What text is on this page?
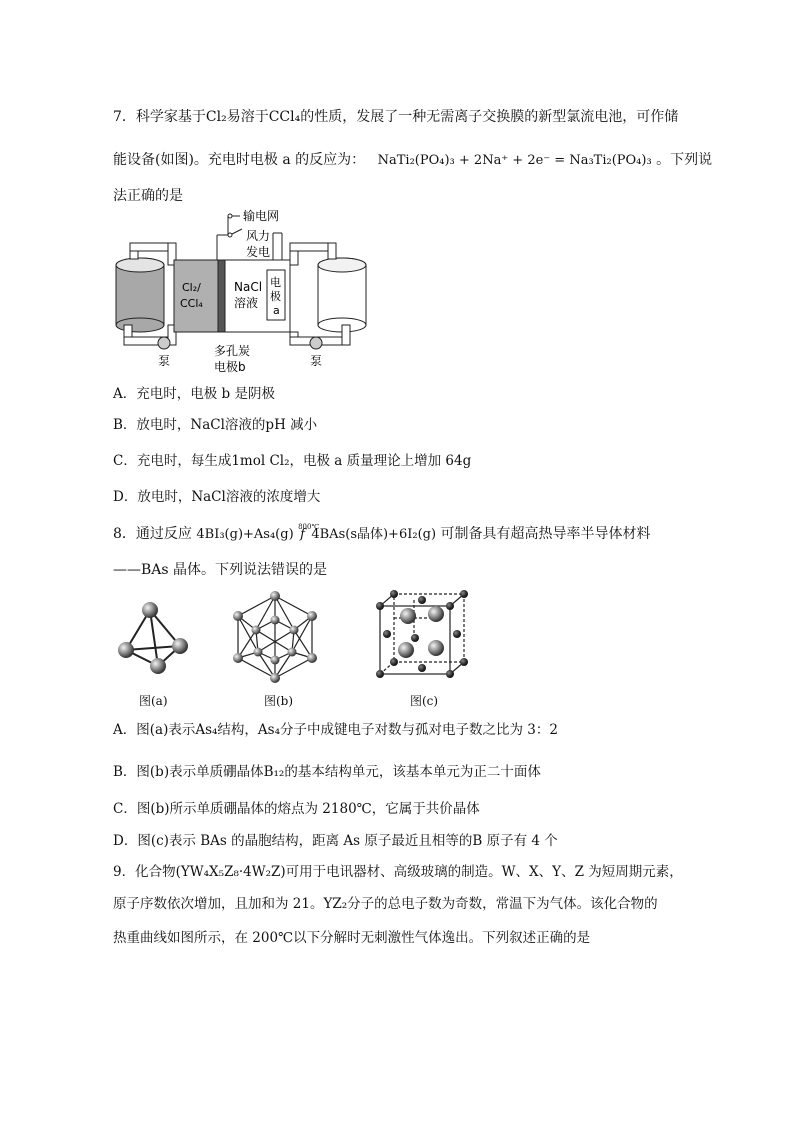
7．科学家基于Cl₂易溶于CCl₄的性质，发展了一种无需离子交换膜的新型氯流电池，可作储
能设备(如图)。充电时电极 a 的反应为： NaTi₂(PO₄)₃ + 2Na⁺ + 2e⁻ = Na₃Ti₂(PO₄)₃ 。下列说
法正确的是
输电网
风力
发电
泵
Cl₂/
CCl₄
NaCl
溶液
电
极
a
泵
多孔炭
电极b
A．充电时，电极 b 是阴极
B．放电时，NaCl溶液的pH 减小
C．充电时，每生成1mol Cl₂，电极 a 质量理论上增加 64g
D．放电时，NaCl溶液的浓度增大
8．通过反应 4BI₃(g)+As₄(g) 800℃
f 4BAs(s晶体)+6I₂(g) 可制备具有超高热导率半导体材料
——BAs 晶体。下列说法错误的是
图(a)	图(b)	图(c)
A．图(a)表示As₄结构，As₄分子中成键电子对数与孤对电子数之比为 3：2
B．图(b)表示单质硼晶体B₁₂的基本结构单元，该基本单元为正二十面体
C．图(b)所示单质硼晶体的熔点为 2180℃，它属于共价晶体
D．图(c)表示 BAs 的晶胞结构，距离 As 原子最近且相等的B 原子有 4 个
9．化合物(YW₄X₅Z₈·4W₂Z)可用于电讯器材、高级玻璃的制造。W、X、Y、Z 为短周期元素，
原子序数依次增加，且加和为 21。YZ₂分子的总电子数为奇数，常温下为气体。该化合物的
热重曲线如图所示，在 200℃以下分解时无刺激性气体逸出。下列叙述正确的是
